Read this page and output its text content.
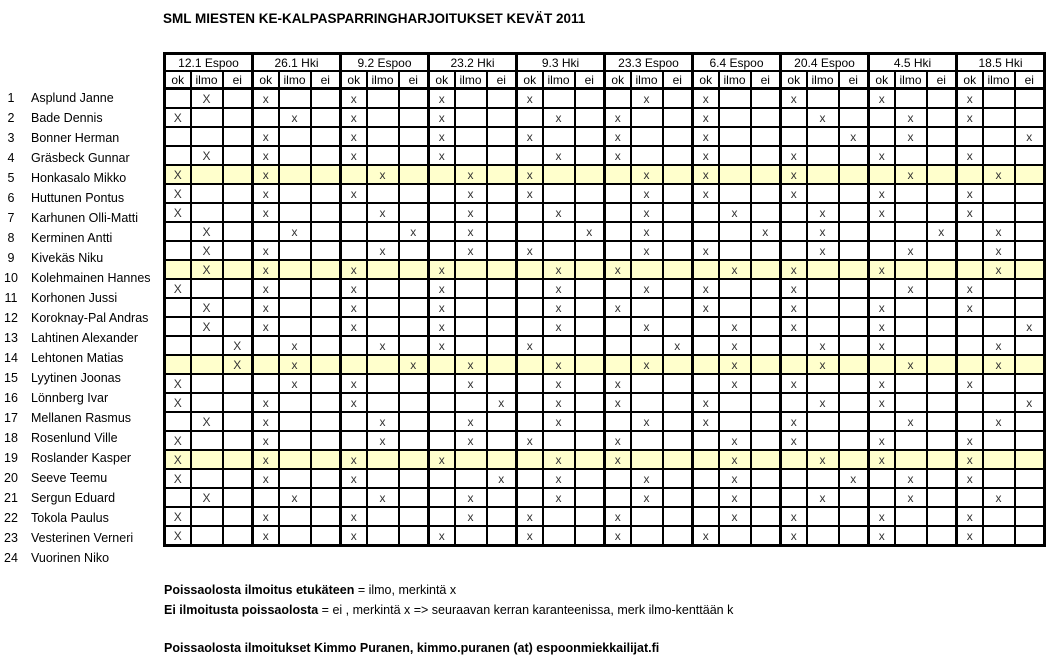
SML MIESTEN KE-KALPASPARRINGHARJOITUKSET KEVÄT 2011
1	Asplund Janne
2	Bade Dennis
3	Bonner Herman
4	Gräsbeck Gunnar
5	Honkasalo Mikko
6	Huttunen Pontus
7	Karhunen Olli-Matti
8	Kerminen Antti
9	Kivekäs Niku
10	Kolehmainen Hannes
11	Korhonen Jussi
12	Koroknay-Pal Andras
13	Lahtinen Alexander
14	Lehtonen Matias
15	Lyytinen Joonas
16	Lönnberg Ivar
17	Mellanen Rasmus
18	Rosenlund Ville
19	Roslander Kasper
20	Seeve Teemu
21	Sergun Eduard
22	Tokola Paulus
23	Vesterinen Verneri
24	Vuorinen Niko
12.1 Espoo			26.1 Hki			9.2 Espoo			23.2 Hki			9.3 Hki			23.3 Espoo			6.4 Espoo			20.4 Espoo			4.5 Hki			18.5 Hki		
ok	ilmo	ei	ok	ilmo	ei	ok	ilmo	ei	ok	ilmo	ei	ok	ilmo	ei	ok	ilmo	ei	ok	ilmo	ei	ok	ilmo	ei	ok	ilmo	ei	ok	ilmo	ei
	X		x			x			x			x				x		x			x			x			x		
X				x		x			x				x		x			x				x			x		x		
			x			x			x			x			x			x					x		x				x
	X		x			x			x				x		x			x			x			x			x		
X			x				x			x		x				x		x			x				x			x	
X			x			x				x		x				x		x			x			x			x		
X			x				x			x			x			x			x			x		x			x		
	X			x				x		x				x		x				x		x				x		x	
	X		x				x			x		x				x		x				x			x			x	
	X		x			x			x				x		x				x		x			x				x	
X			x			x			x				x			x		x			x				x		x		
	X		x			x			x				x		x			x			x			x			x		
	X		x			x			x				x			x			x		x			x					x
		X		x			x		x			x					x		x			x		x				x	
		X		x				x		x			x			x			x			x			x			x	
X				x		x				x			x		x				x		x			x			x		
X			x			x					x		x		x			x				x		x					x
	X		x				x			x			x			x		x			x				x			x	
X			x				x			x		x			x				x		x			x			x		
X			x			x			x				x		x				x			x		x			x		
X			x			x					x		x			x			x				x		x		x		
	X			x			x			x			x			x			x			x			x			x	
X			x			x				x		x			x				x		x			x			x		
X			x			x			x			x			x			x			x			x			x		
Poissaolosta ilmoitus etukäteen = ilmo, merkintä x
Ei ilmoitusta poissaolosta = ei , merkintä x => seuraavan kerran karanteenissa, merk ilmo-kenttään k
Poissaolosta ilmoitukset Kimmo Puranen, kimmo.puranen (at) espoonmiekkailijat.fi
